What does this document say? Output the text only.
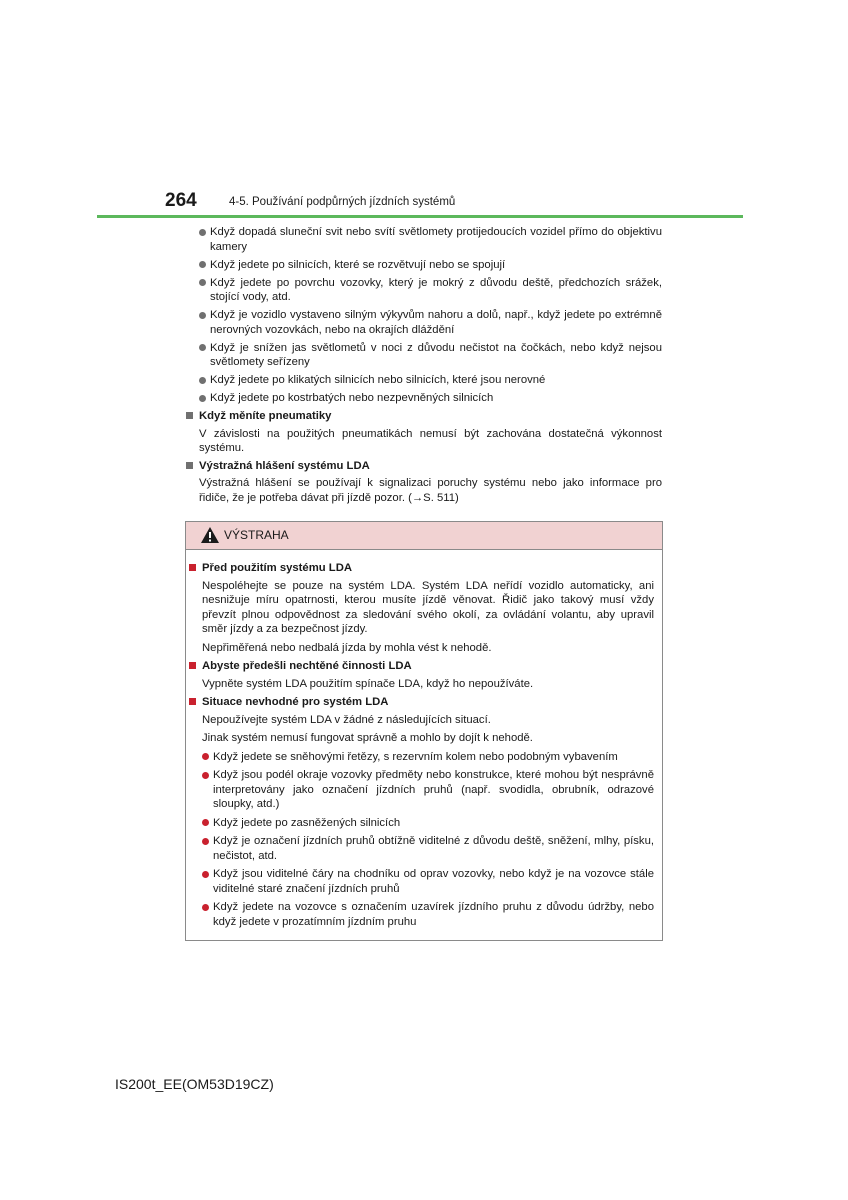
264	4-5. Používání podpůrných jízdních systémů
Když dopadá sluneční svit nebo svítí světlomety protijedoucích vozidel přímo do objektivu kamery
Když jedete po silnicích, které se rozvětvují nebo se spojují
Když jedete po povrchu vozovky, který je mokrý z důvodu deště, předchozích srážek, stojící vody, atd.
Když je vozidlo vystaveno silným výkyvům nahoru a dolů, např., když jedete po extrémně nerovných vozovkách, nebo na okrajích dláždění
Když je snížen jas světlometů v noci z důvodu nečistot na čočkách, nebo když nejsou světlomety seřízeny
Když jedete po klikatých silnicích nebo silnicích, které jsou nerovné
Když jedete po kostrbatých nebo nezpevněných silnicích
Když měníte pneumatiky
V závislosti na použitých pneumatikách nemusí být zachována dostatečná výkonnost systému.
Výstražná hlášení systému LDA
Výstražná hlášení se používají k signalizaci poruchy systému nebo jako informace pro řidiče, že je potřeba dávat při jízdě pozor. (→S. 511)
VÝSTRAHA
Před použitím systému LDA
Nespoléhejte se pouze na systém LDA. Systém LDA neřídí vozidlo automaticky, ani nesnižuje míru opatrnosti, kterou musíte jízdě věnovat. Řidič jako takový musí vždy převzít plnou odpovědnost za sledování svého okolí, za ovládání volantu, aby upravil směr jízdy a za bezpečnost jízdy.
Nepřiměřená nebo nedbalá jízda by mohla vést k nehodě.
Abyste předešli nechtěné činnosti LDA
Vypněte systém LDA použitím spínače LDA, když ho nepoužíváte.
Situace nevhodné pro systém LDA
Nepoužívejte systém LDA v žádné z následujících situací.
Jinak systém nemusí fungovat správně a mohlo by dojít k nehodě.
Když jedete se sněhovými řetězy, s rezervním kolem nebo podobným vybavením
Když jsou podél okraje vozovky předměty nebo konstrukce, které mohou být nesprávně interpretovány jako označení jízdních pruhů (např. svodidla, obrubník, odrazové sloupky, atd.)
Když jedete po zasněžených silnicích
Když je označení jízdních pruhů obtížně viditelné z důvodu deště, sněžení, mlhy, písku, nečistot, atd.
Když jsou viditelné čáry na chodníku od oprav vozovky, nebo když je na vozovce stále viditelné staré značení jízdních pruhů
Když jedete na vozovce s označením uzavírek jízdního pruhu z důvodu údržby, nebo když jedete v prozatímním jízdním pruhu
IS200t_EE(OM53D19CZ)
